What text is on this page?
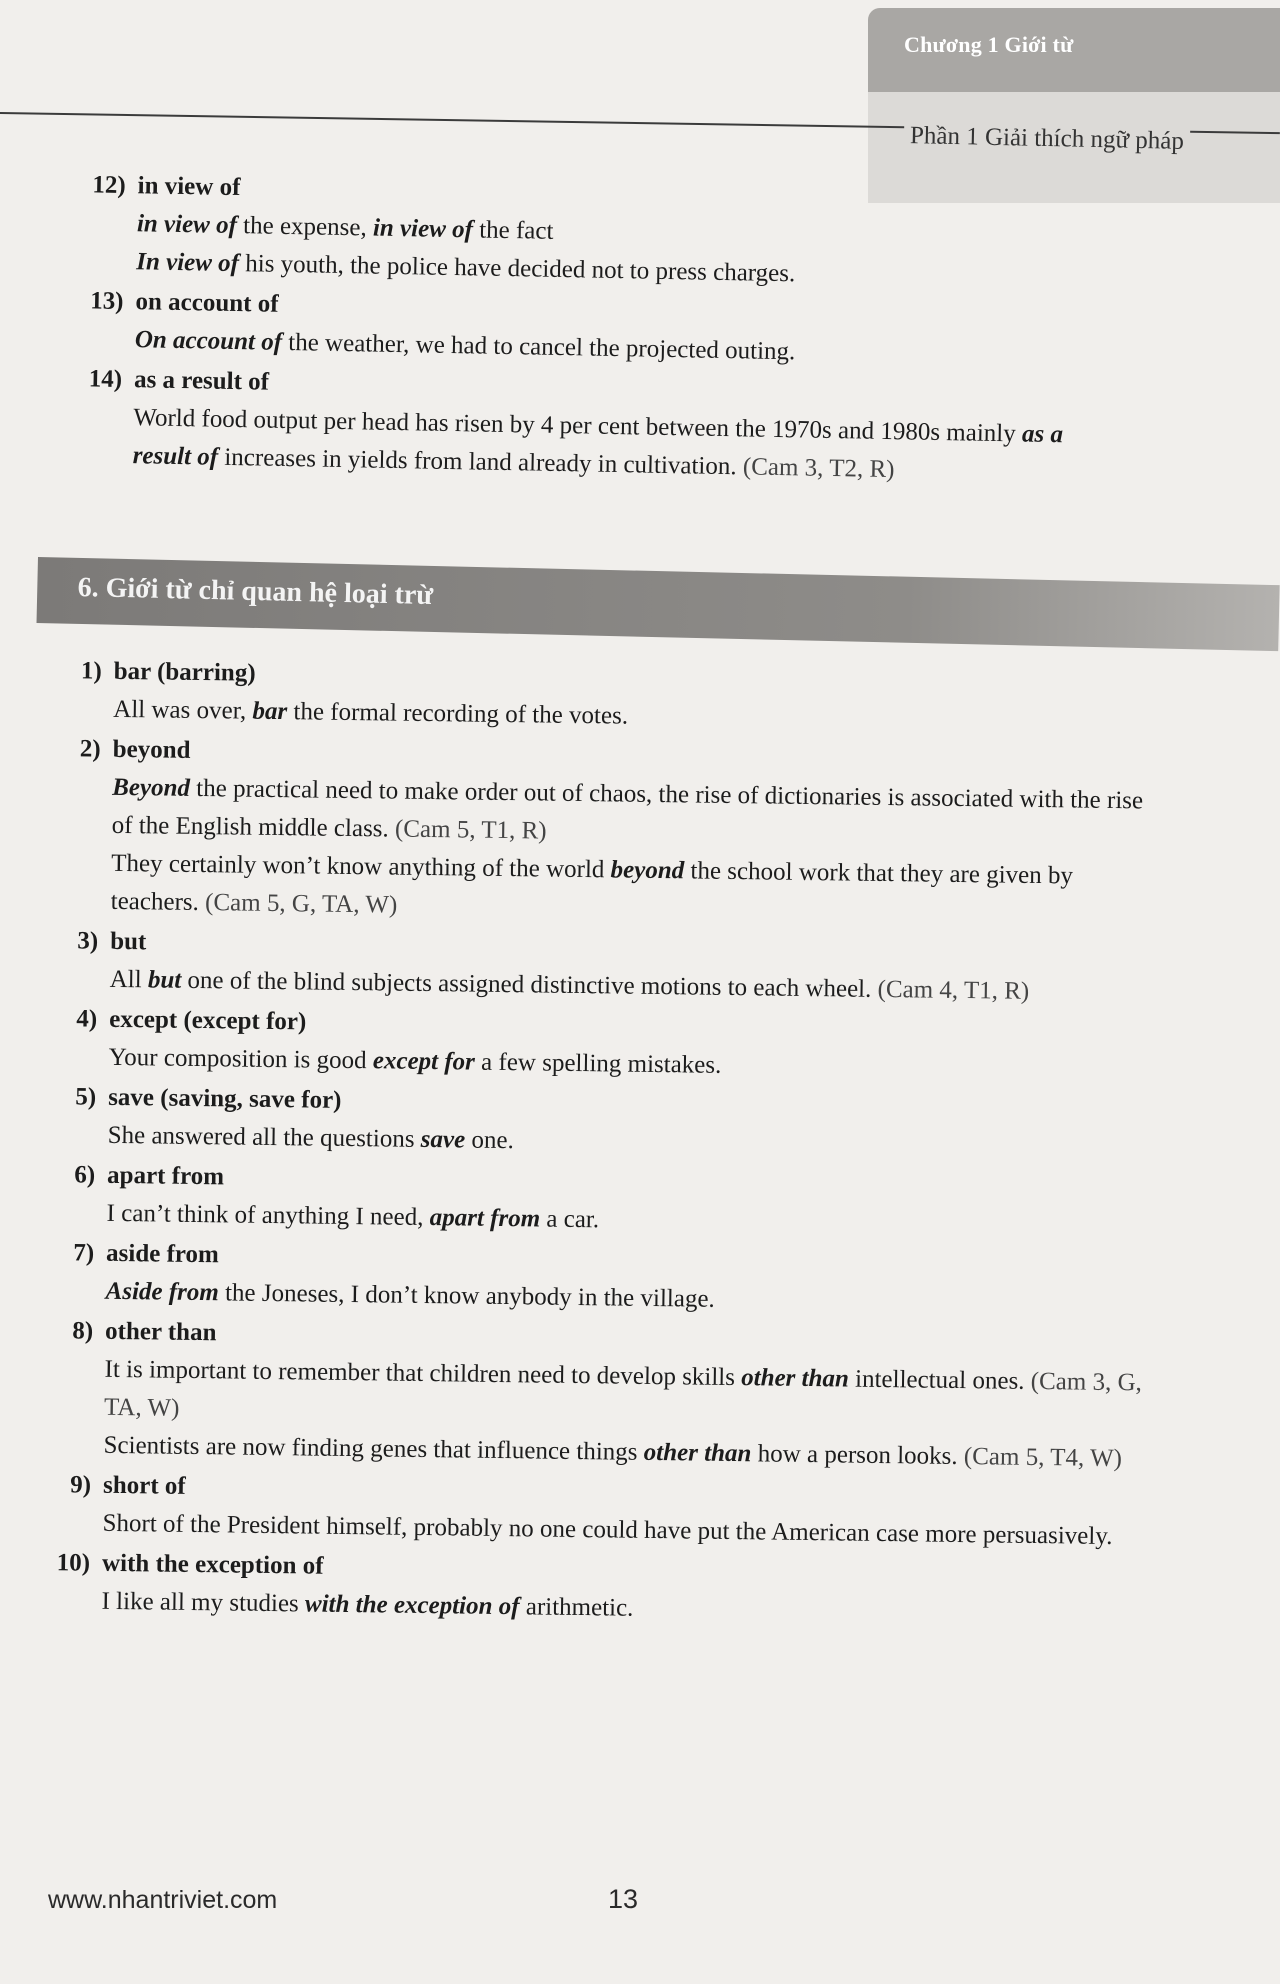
Chương 1 Giới từ
Phần 1 Giải thích ngữ pháp
12) in view of
in view of the expense, in view of the fact
In view of his youth, the police have decided not to press charges.
13) on account of
On account of the weather, we had to cancel the projected outing.
14) as a result of
World food output per head has risen by 4 per cent between the 1970s and 1980s mainly as a result of increases in yields from land already in cultivation. (Cam 3, T2, R)
6. Giới từ chỉ quan hệ loại trừ
1) bar (barring)
All was over, bar the formal recording of the votes.
2) beyond
Beyond the practical need to make order out of chaos, the rise of dictionaries is associated with the rise of the English middle class. (Cam 5, T1, R)
They certainly won’t know anything of the world beyond the school work that they are given by teachers. (Cam 5, G, TA, W)
3) but
All but one of the blind subjects assigned distinctive motions to each wheel. (Cam 4, T1, R)
4) except (except for)
Your composition is good except for a few spelling mistakes.
5) save (saving, save for)
She answered all the questions save one.
6) apart from
I can’t think of anything I need, apart from a car.
7) aside from
Aside from the Joneses, I don’t know anybody in the village.
8) other than
It is important to remember that children need to develop skills other than intellectual ones. (Cam 3, G, TA, W)
Scientists are now finding genes that influence things other than how a person looks. (Cam 5, T4, W)
9) short of
Short of the President himself, probably no one could have put the American case more persuasively.
10) with the exception of
I like all my studies with the exception of arithmetic.
www.nhantriviet.com	13
